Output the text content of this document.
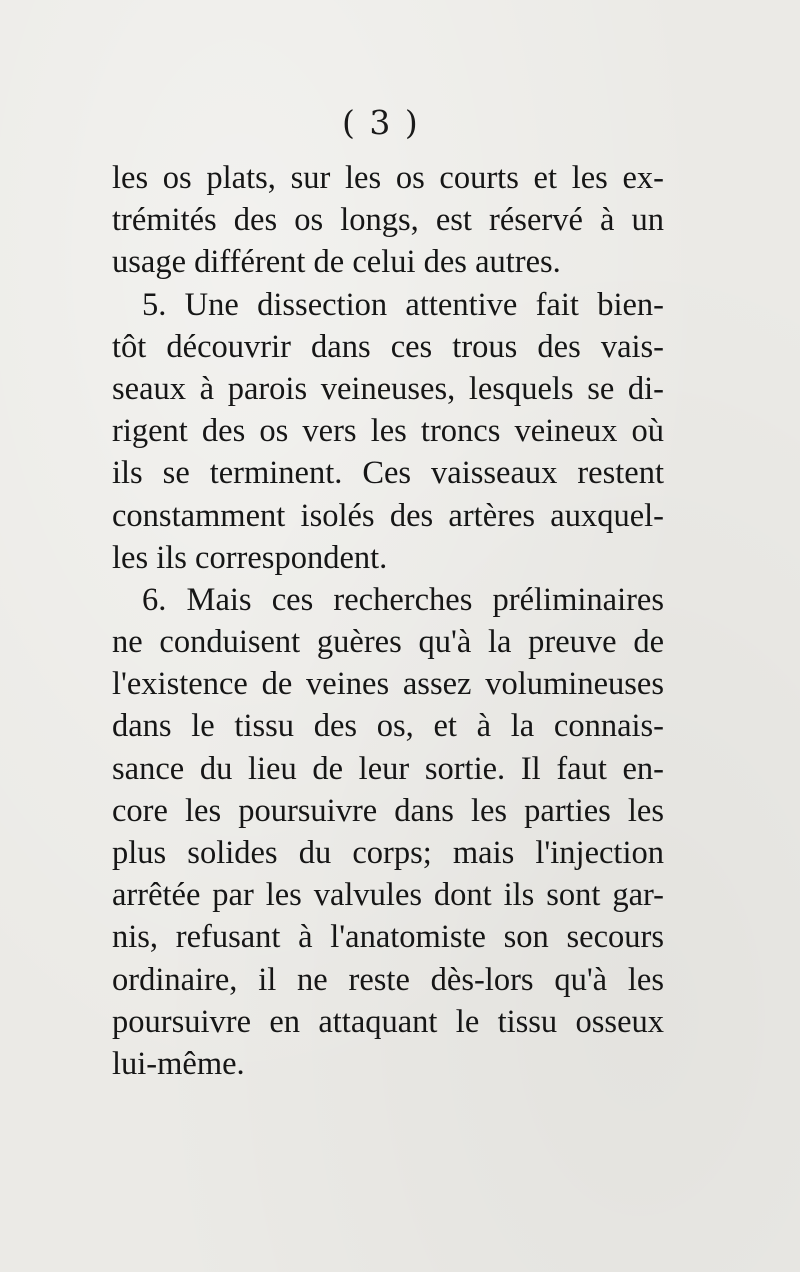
( 3 )
les os plats, sur les os courts et les ex-
trémités des os longs, est réservé à un
usage différent de celui des autres.
5. Une dissection attentive fait bien-
tôt découvrir dans ces trous des vais-
seaux à parois veineuses, lesquels se di-
rigent des os vers les troncs veineux où
ils se terminent. Ces vaisseaux restent
constamment isolés des artères auxquel-
les ils correspondent.
6. Mais ces recherches préliminaires
ne conduisent guères qu'à la preuve de
l'existence de veines assez volumineuses
dans le tissu des os, et à la connais-
sance du lieu de leur sortie. Il faut en-
core les poursuivre dans les parties les
plus solides du corps; mais l'injection
arrêtée par les valvules dont ils sont gar-
nis, refusant à l'anatomiste son secours
ordinaire, il ne reste dès-lors qu'à les
poursuivre en attaquant le tissu osseux
lui-même.
